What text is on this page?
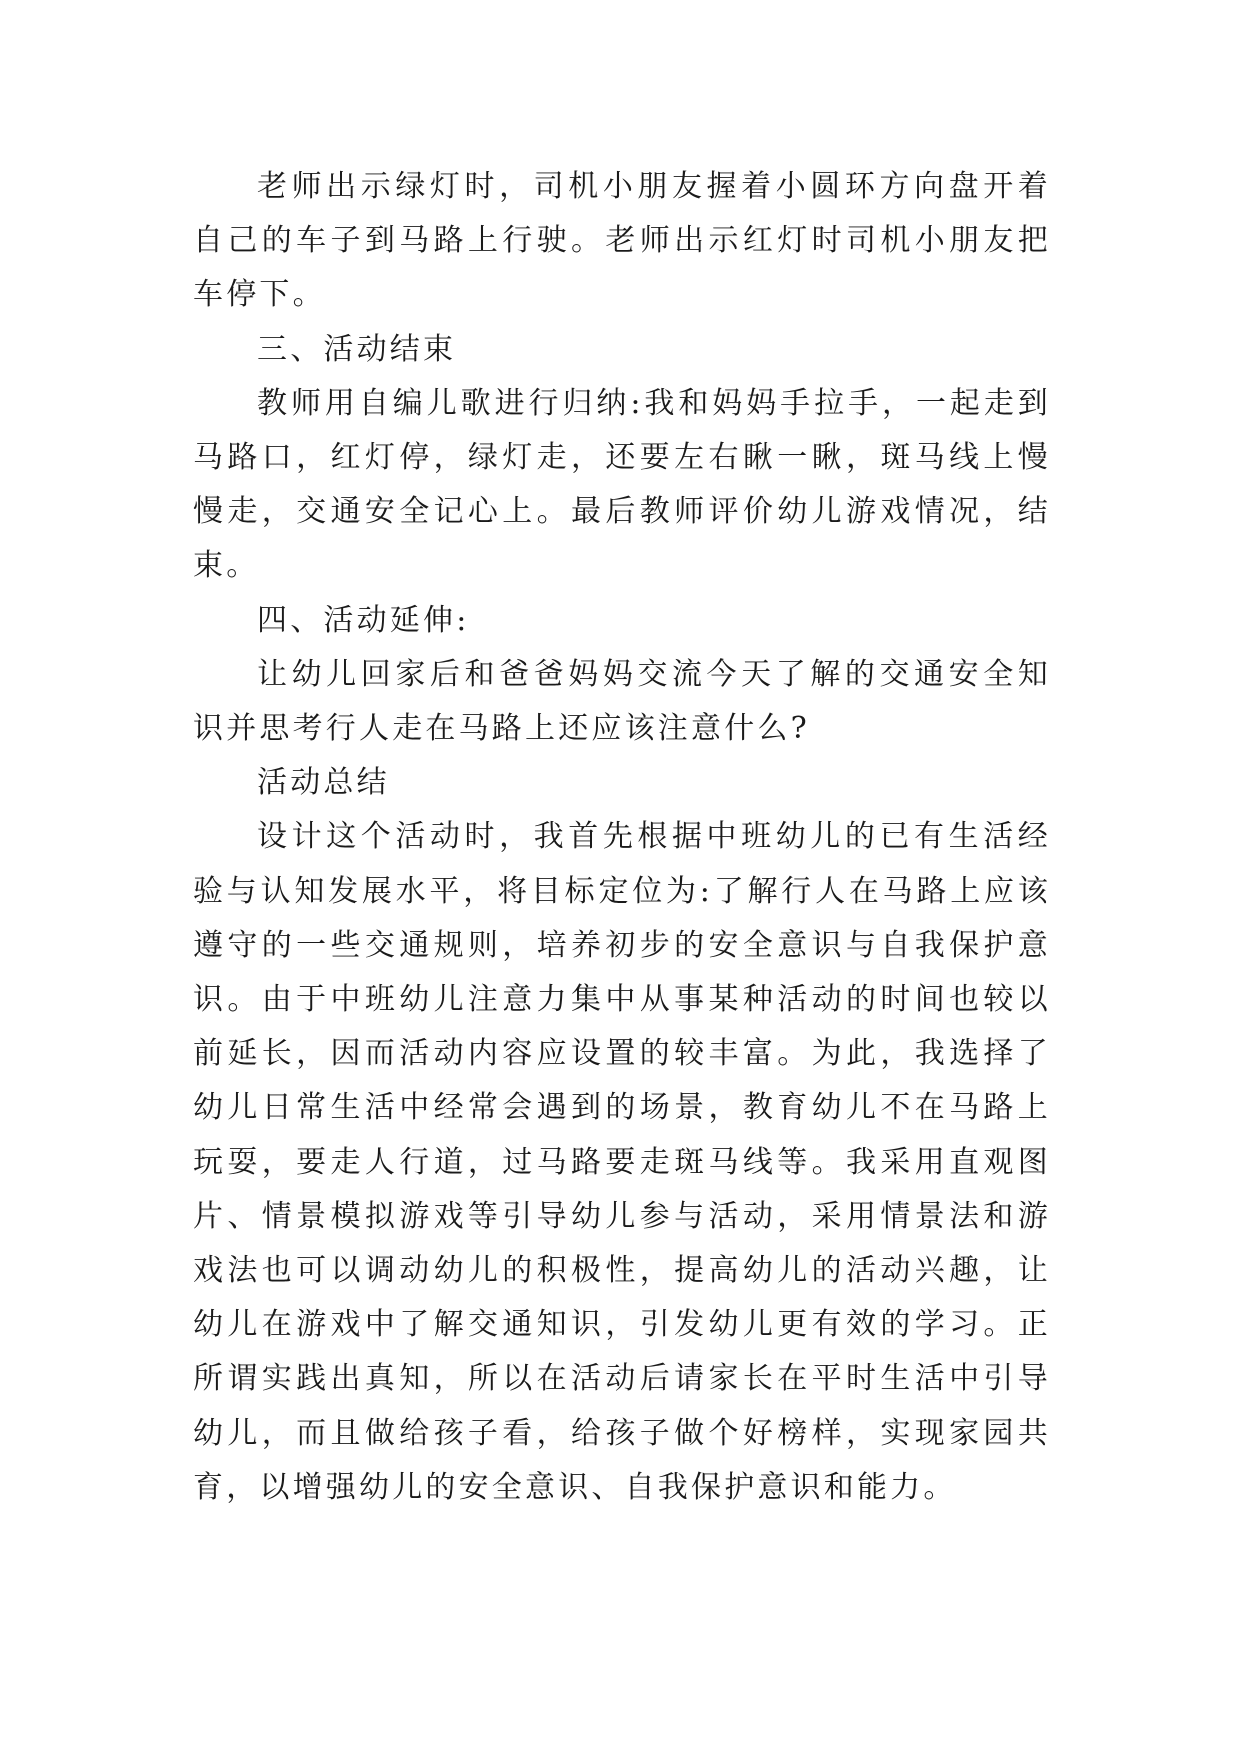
老师出示绿灯时，司机小朋友握着小圆环方向盘开着自己的车子到马路上行驶。老师出示红灯时司机小朋友把车停下。

三、活动结束

教师用自编儿歌进行归纳:我和妈妈手拉手，一起走到马路口，红灯停，绿灯走，还要左右瞅一瞅，斑马线上慢慢走，交通安全记心上。最后教师评价幼儿游戏情况，结束。

四、活动延伸:

让幼儿回家后和爸爸妈妈交流今天了解的交通安全知识并思考行人走在马路上还应该注意什么?

活动总结

设计这个活动时，我首先根据中班幼儿的已有生活经验与认知发展水平，将目标定位为:了解行人在马路上应该遵守的一些交通规则，培养初步的安全意识与自我保护意识。由于中班幼儿注意力集中从事某种活动的时间也较以前延长，因而活动内容应设置的较丰富。为此，我选择了幼儿日常生活中经常会遇到的场景，教育幼儿不在马路上玩耍，要走人行道，过马路要走斑马线等。我采用直观图片、情景模拟游戏等引导幼儿参与活动，采用情景法和游戏法也可以调动幼儿的积极性，提高幼儿的活动兴趣，让幼儿在游戏中了解交通知识，引发幼儿更有效的学习。正所谓实践出真知，所以在活动后请家长在平时生活中引导幼儿，而且做给孩子看，给孩子做个好榜样，实现家园共育，以增强幼儿的安全意识、自我保护意识和能力。
